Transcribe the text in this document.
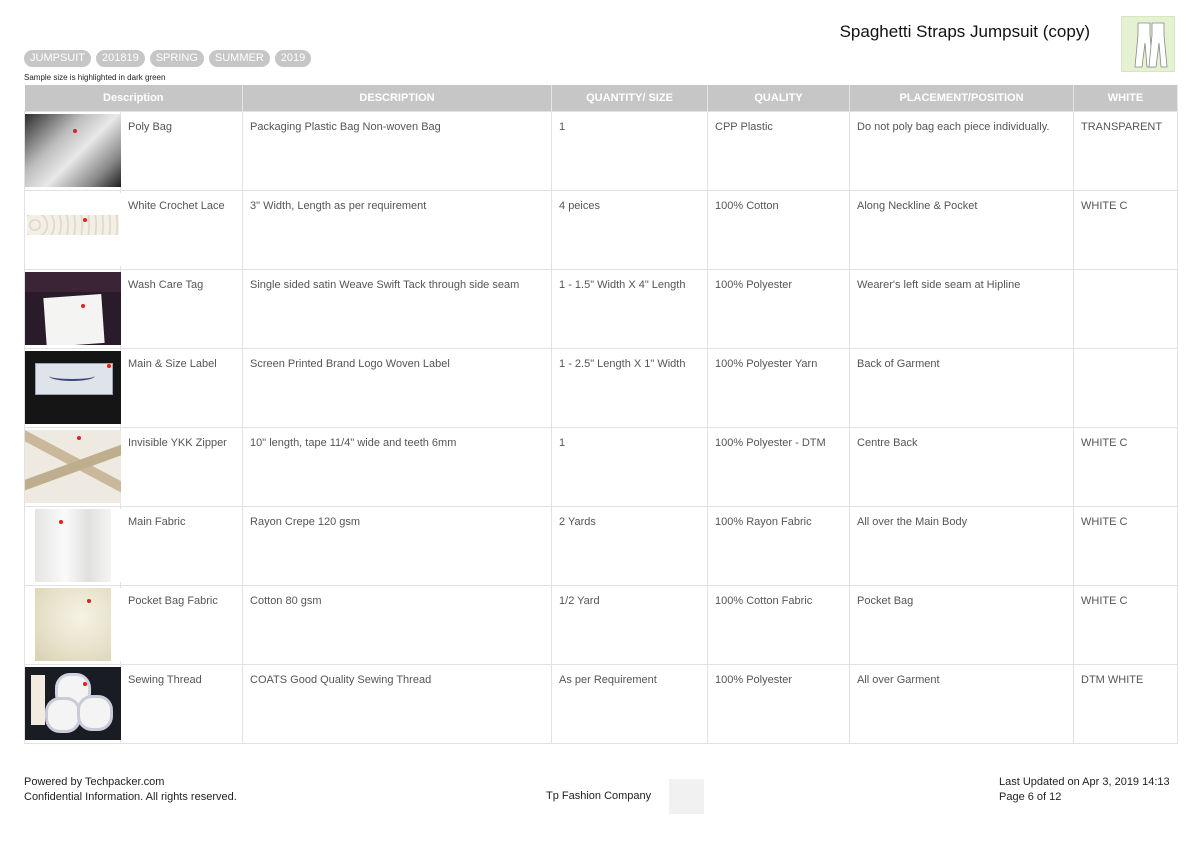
Spaghetti Straps Jumpsuit (copy)
JUMPSUIT	201819	SPRING	SUMMER	2019
Sample size is highlighted in dark green
Description		DESCRIPTION	QUANTITY/ SIZE	QUALITY	PLACEMENT/POSITION	WHITE

	Poly Bag	Packaging Plastic Bag Non-woven Bag	1	CPP Plastic	Do not poly bag each piece individually.	TRANSPARENT

	White Crochet Lace	3" Width, Length as per requirement	4 peices	100% Cotton	Along Neckline & Pocket	WHITE C

	Wash Care Tag	Single sided satin Weave Swift Tack through side seam	1 - 1.5" Width X 4" Length	100% Polyester	Wearer's left side seam at Hipline	

	Main & Size Label	Screen Printed Brand Logo Woven Label	1 - 2.5" Length X 1" Width	100% Polyester Yarn	Back of Garment	

	Invisible YKK Zipper	10" length, tape 11/4" wide and teeth 6mm	1	100% Polyester - DTM	Centre Back	WHITE C

	Main Fabric	Rayon Crepe 120 gsm	2 Yards	100% Rayon Fabric	All over the Main Body	WHITE C

	Pocket Bag Fabric	Cotton 80 gsm	1/2 Yard	100% Cotton Fabric	Pocket Bag	WHITE C

	Sewing Thread	COATS Good Quality Sewing Thread	As per Requirement	100% Polyester	All over Garment	DTM WHITE
Powered by Techpacker.com
Confidential Information. All rights reserved.	Tp Fashion Company
Last Updated on Apr 3, 2019 14:13
Page 6 of 12
